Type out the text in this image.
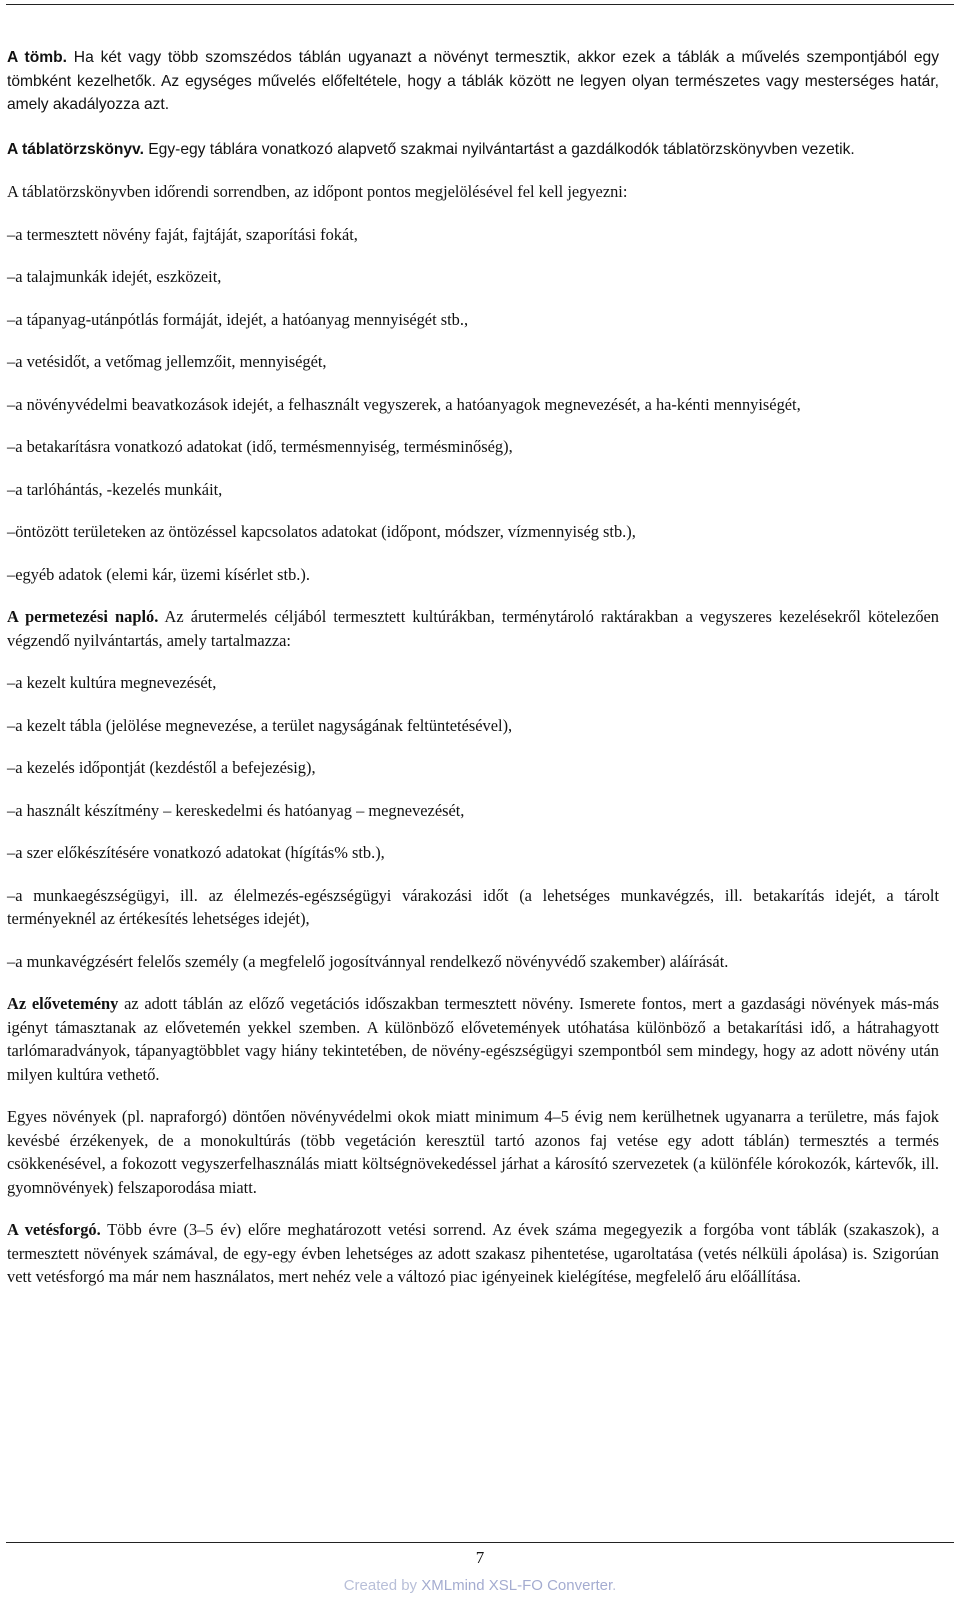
A tömb. Ha két vagy több szomszédos táblán ugyanazt a növényt termesztik, akkor ezek a táblák a művelés szempontjából egy tömbként kezelhetők. Az egységes művelés előfeltétele, hogy a táblák között ne legyen olyan természetes vagy mesterséges határ, amely akadályozza azt.

A táblatörzskönyv. Egy-egy táblára vonatkozó alapvető szakmai nyilvántartást a gazdálkodók táblatörzskönyvben vezetik.

A táblatörzskönyvben időrendi sorrendben, az időpont pontos megjelölésével fel kell jegyezni:

–a termesztett növény faját, fajtáját, szaporítási fokát,

–a talajmunkák idejét, eszközeit,

–a tápanyag-utánpótlás formáját, idejét, a hatóanyag mennyiségét stb.,

–a vetésidőt, a vetőmag jellemzőit, mennyiségét,

–a növényvédelmi beavatkozások idejét, a felhasznált vegyszerek, a hatóanyagok megnevezését, a ha-kénti mennyiségét,

–a betakarításra vonatkozó adatokat (idő, termésmennyiség, termésminőség),

–a tarlóhántás, -kezelés munkáit,

–öntözött területeken az öntözéssel kapcsolatos adatokat (időpont, módszer, vízmennyiség stb.),

–egyéb adatok (elemi kár, üzemi kísérlet stb.).

A permetezési napló. Az árutermelés céljából termesztett kultúrákban, terménytároló raktárakban a vegyszeres kezelésekről kötelezően végzendő nyilvántartás, amely tartalmazza:

–a kezelt kultúra megnevezését,

–a kezelt tábla (jelölése megnevezése, a terület nagyságának feltüntetésével),

–a kezelés időpontját (kezdéstől a befejezésig),

–a használt készítmény – kereskedelmi és hatóanyag – megnevezését,

–a szer előkészítésére vonatkozó adatokat (hígítás% stb.),

–a munkaegészségügyi, ill. az élelmezés-egészségügyi várakozási időt (a lehetséges munkavégzés, ill. betakarítás idejét, a tárolt terményeknél az értékesítés lehetséges idejét),

–a munkavégzésért felelős személy (a megfelelő jogosítvánnyal rendelkező növényvédő szakember) aláírását.

Az elővetemény az adott táblán az előző vegetációs időszakban termesztett növény. Ismerete fontos, mert a gazdasági növények más-más igényt támasztanak az elővetemén yekkel szemben. A különböző elővetemények utóhatása különböző a betakarítási idő, a hátrahagyott tarlómaradványok, tápanyagtöbblet vagy hiány tekintetében, de növény-egészségügyi szempontból sem mindegy, hogy az adott növény után milyen kultúra vethető.

Egyes növények (pl. napraforgó) döntően növényvédelmi okok miatt minimum 4–5 évig nem kerülhetnek ugyanarra a területre, más fajok kevésbé érzékenyek, de a monokultúrás (több vegetáción keresztül tartó azonos faj vetése egy adott táblán) termesztés a termés csökkenésével, a fokozott vegyszerfelhasználás miatt költségnövekedéssel járhat a károsító szervezetek (a különféle kórokozók, kártevők, ill. gyomnövények) felszaporodása miatt.

A vetésforgó. Több évre (3–5 év) előre meghatározott vetési sorrend. Az évek száma megegyezik a forgóba vont táblák (szakaszok), a termesztett növények számával, de egy-egy évben lehetséges az adott szakasz pihentetése, ugaroltatása (vetés nélküli ápolása) is. Szigorúan vett vetésforgó ma már nem használatos, mert nehéz vele a változó piac igényeinek kielégítése, megfelelő áru előállítása.

7
Created by XMLmind XSL-FO Converter.
